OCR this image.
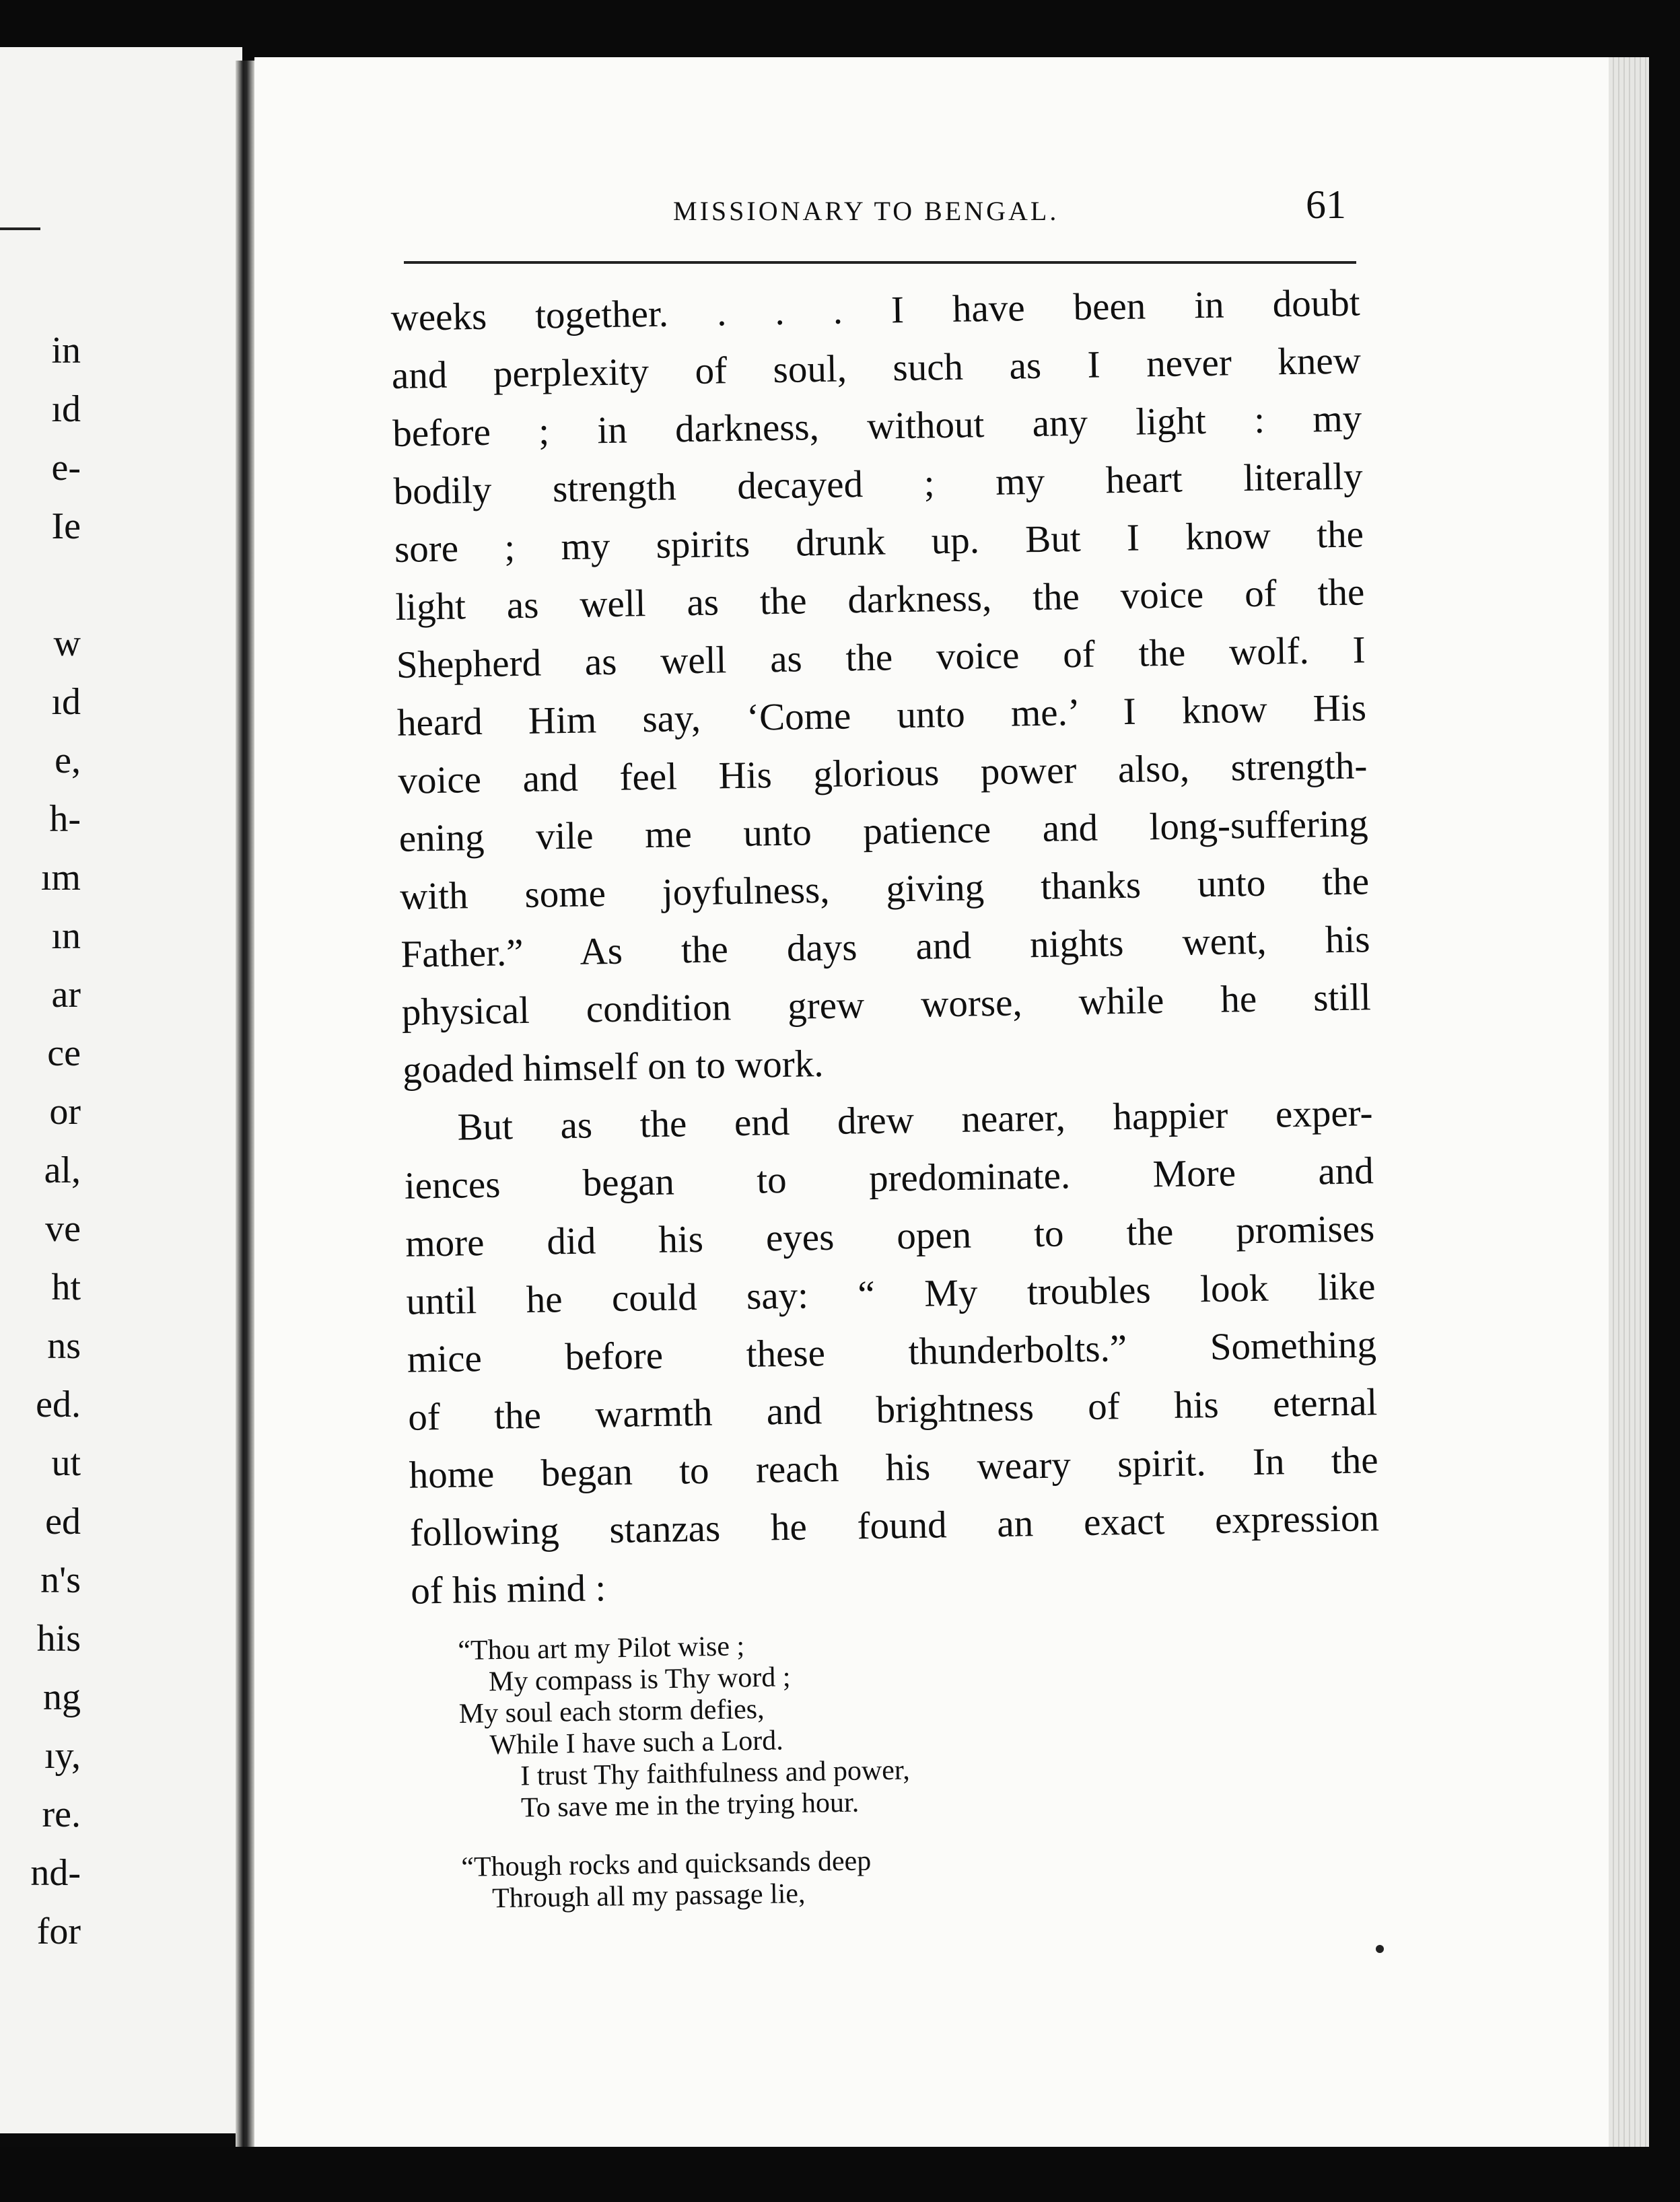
in
ıd
e-
Ie
w
ıd
e,
h-
ım
ın
ar
ce
or
al,
ve
ht
ns
ed.
ut
ed
n's
his
ng
ıy,
re.
nd-
for
MISSIONARY TO BENGAL.	61
weeks together. . . . I have been in doubt
and perplexity of soul, such as I never knew
before ; in darkness, without any light : my
bodily strength decayed ; my heart literally
sore ; my spirits drunk up. But I know the
light as well as the darkness, the voice of the
Shepherd as well as the voice of the wolf. I
heard Him say, ‘Come unto me.’ I know His
voice and feel His glorious power also, strength-
ening vile me unto patience and long-suffering
with some joyfulness, giving thanks unto the
Father.” As the days and nights went, his
physical condition grew worse, while he still
goaded himself on to work.
But as the end drew nearer, happier exper-
iences began to predominate. More and
more did his eyes open to the promises
until he could say: “ My troubles look like
mice before these thunderbolts.” Something
of the warmth and brightness of his eternal
home began to reach his weary spirit. In the
following stanzas he found an exact expression
of his mind :
“Thou art my Pilot wise ;
My compass is Thy word ;
My soul each storm defies,
While I have such a Lord.
I trust Thy faithfulness and power,
To save me in the trying hour.
“Though rocks and quicksands deep
Through all my passage lie,
